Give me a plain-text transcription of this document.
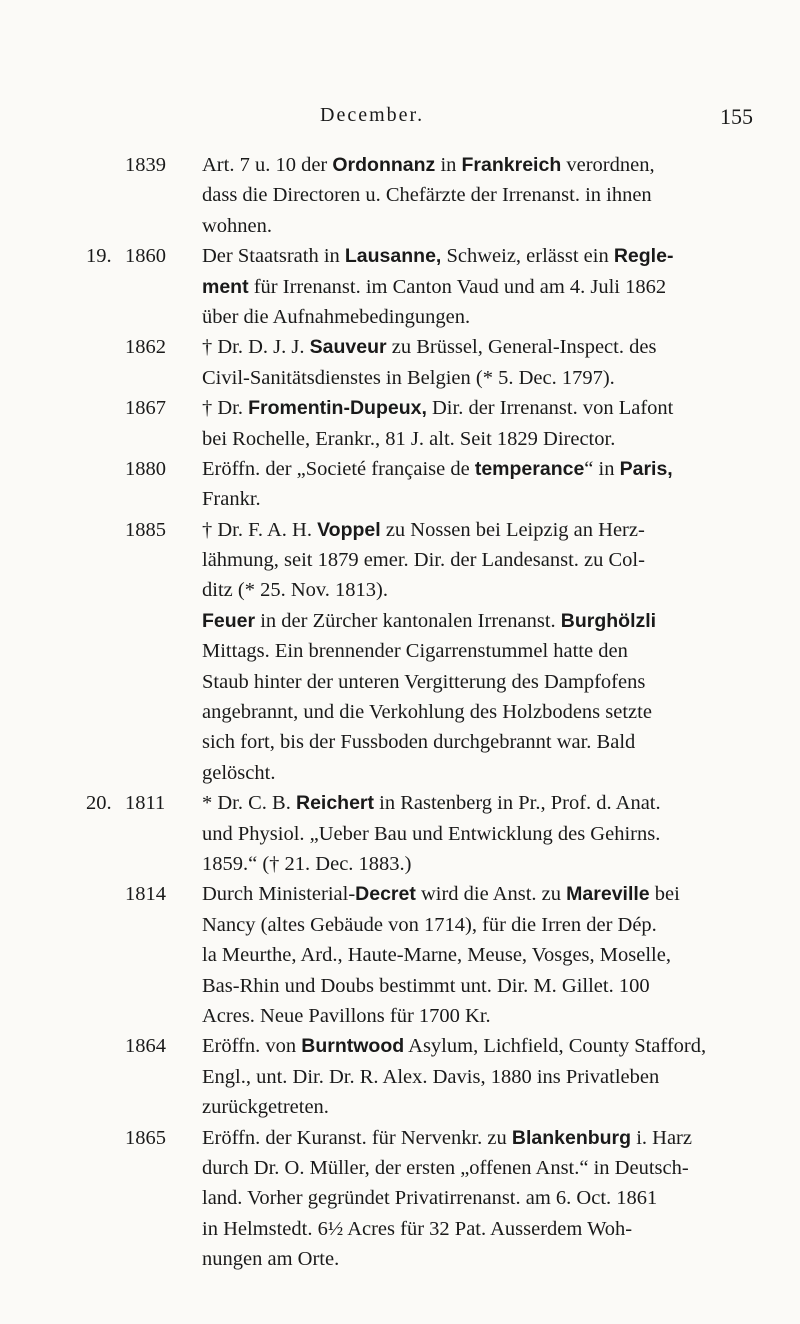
December.	155
1839 Art. 7 u. 10 der Ordonnanz in Frankreich verordnen,
dass die Directoren u. Chefärzte der Irrenanst. in ihnen
wohnen.
19. 1860 Der Staatsrath in Lausanne, Schweiz, erlässt ein Regle-
ment für Irrenanst. im Canton Vaud und am 4. Juli 1862
über die Aufnahmebedingungen.
1862 † Dr. D. J. J. Sauveur zu Brüssel, General-Inspect. des
Civil-Sanitätsdienstes in Belgien (* 5. Dec. 1797).
1867 † Dr. Fromentin-Dupeux, Dir. der Irrenanst. von Lafont
bei Rochelle, Erankr., 81 J. alt. Seit 1829 Director.
1880 Eröffn. der „Societé française de temperance“ in Paris,
Frankr.
1885 † Dr. F. A. H. Voppel zu Nossen bei Leipzig an Herz-
lähmung, seit 1879 emer. Dir. der Landesanst. zu Col-
ditz (* 25. Nov. 1813).
Feuer in der Zürcher kantonalen Irrenanst. Burghölzli
Mittags. Ein brennender Cigarrenstummel hatte den
Staub hinter der unteren Vergitterung des Dampfofens
angebrannt, und die Verkohlung des Holzbodens setzte
sich fort, bis der Fussboden durchgebrannt war. Bald
gelöscht.
20. 1811 * Dr. C. B. Reichert in Rastenberg in Pr., Prof. d. Anat.
und Physiol. „Ueber Bau und Entwicklung des Gehirns.
1859.“ († 21. Dec. 1883.)
1814 Durch Ministerial-Decret wird die Anst. zu Mareville bei
Nancy (altes Gebäude von 1714), für die Irren der Dép.
la Meurthe, Ard., Haute-Marne, Meuse, Vosges, Moselle,
Bas-Rhin und Doubs bestimmt unt. Dir. M. Gillet. 100
Acres. Neue Pavillons für 1700 Kr.
1864 Eröffn. von Burntwood Asylum, Lichfield, County Stafford,
Engl., unt. Dir. Dr. R. Alex. Davis, 1880 ins Privatleben
zurückgetreten.
1865 Eröffn. der Kuranst. für Nervenkr. zu Blankenburg i. Harz
durch Dr. O. Müller, der ersten „offenen Anst.“ in Deutsch-
land. Vorher gegründet Privatirrenanst. am 6. Oct. 1861
in Helmstedt. 6½ Acres für 32 Pat. Ausserdem Woh-
nungen am Orte.
